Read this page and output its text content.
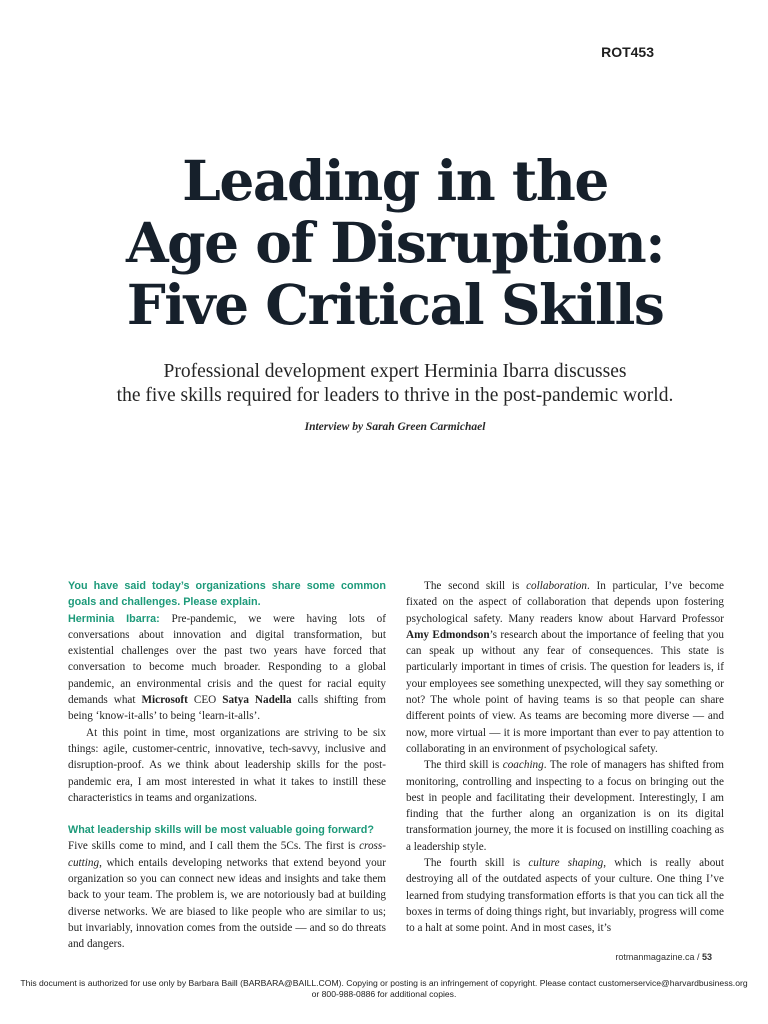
ROT453
Leading in the
Age of Disruption:
Five Critical Skills
Professional development expert Herminia Ibarra discusses
the five skills required for leaders to thrive in the post-pandemic world.
Interview by Sarah Green Carmichael

You have said today’s organizations share some common goals and challenges. Please explain.

Herminia Ibarra: Pre-pandemic, we were having lots of conversations about innovation and digital transformation, but existential challenges over the past two years have forced that conversation to become much broader. Responding to a global pandemic, an environmental crisis and the quest for racial equity demands what Microsoft CEO Satya Nadella calls shifting from being ‘know-it-alls’ to being ‘learn-it-alls’.

At this point in time, most organizations are striving to be six things: agile, customer-centric, innovative, tech-savvy, inclusive and disruption-proof. As we think about leadership skills for the post-pandemic era, I am most interested in what it takes to instill these characteristics in teams and organizations.

What leadership skills will be most valuable going forward?

Five skills come to mind, and I call them the 5Cs. The first is cross-cutting, which entails developing networks that extend beyond your organization so you can connect new ideas and insights and take them back to your team. The problem is, we are notoriously bad at building diverse networks. We are biased to like people who are similar to us; but invariably, innovation comes from the outside — and so do threats and dangers.

The second skill is collaboration. In particular, I’ve become fixated on the aspect of collaboration that depends upon fostering psychological safety. Many readers know about Harvard Professor Amy Edmondson’s research about the importance of feeling that you can speak up without any fear of consequences. This state is particularly important in times of crisis. The question for leaders is, if your employees see something unexpected, will they say something or not? The whole point of having teams is so that people can share different points of view. As teams are becoming more diverse — and now, more virtual — it is more important than ever to pay attention to collaborating in an environment of psychological safety.

The third skill is coaching. The role of managers has shifted from monitoring, controlling and inspecting to a focus on bringing out the best in people and facilitating their development. Interestingly, I am finding that the further along an organization is on its digital transformation journey, the more it is focused on instilling coaching as a leadership style.

The fourth skill is culture shaping, which is really about destroying all of the outdated aspects of your culture. One thing I’ve learned from studying transformation efforts is that you can tick all the boxes in terms of doing things right, but invariably, progress will come to a halt at some point. And in most cases, it’s

rotmanmagazine.ca / 53
This document is authorized for use only by Barbara Baill (BARBARA@BAILL.COM). Copying or posting is an infringement of copyright. Please contact customerservice@harvardbusiness.org
or 800-988-0886 for additional copies.
